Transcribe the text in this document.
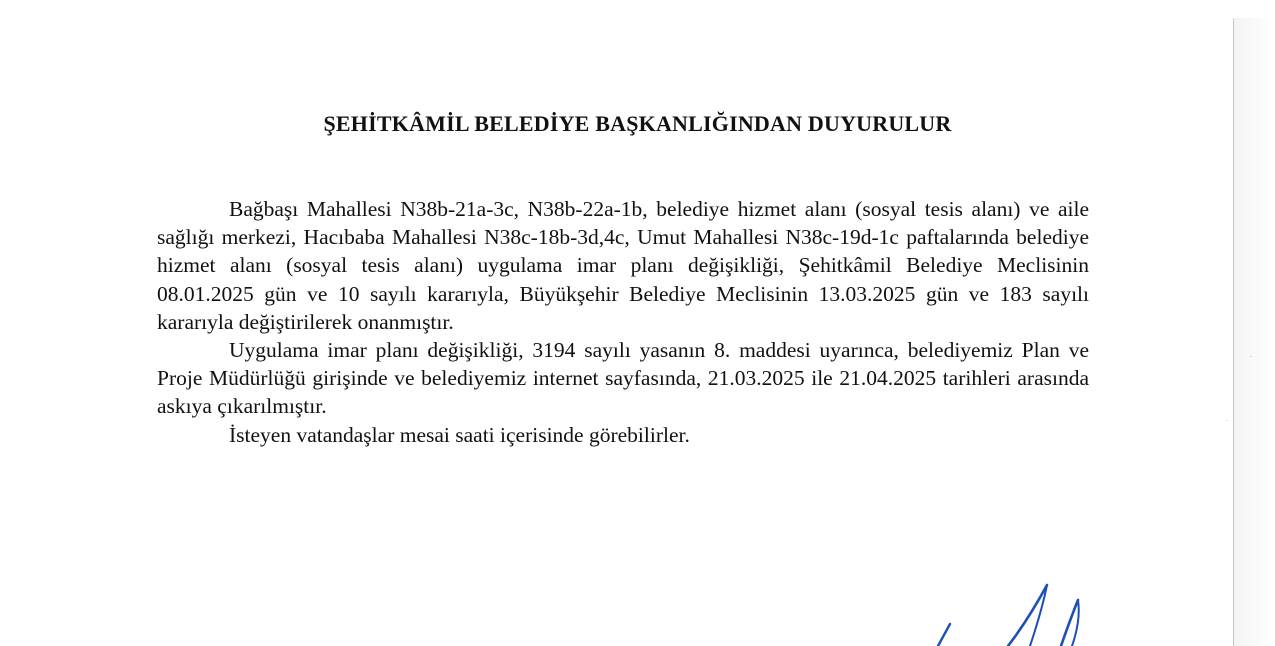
ŞEHİTKÂMİL BELEDİYE BAŞKANLIĞINDAN DUYURULUR

Bağbaşı Mahallesi N38b-21a-3c, N38b-22a-1b, belediye hizmet alanı (sosyal tesis alanı) ve aile sağlığı merkezi, Hacıbaba Mahallesi N38c-18b-3d,4c, Umut Mahallesi N38c-19d-1c paftalarında belediye hizmet alanı (sosyal tesis alanı) uygulama imar planı değişikliği, Şehitkâmil Belediye Meclisinin 08.01.2025 gün ve 10 sayılı kararıyla, Büyükşehir Belediye Meclisinin 13.03.2025 gün ve 183 sayılı kararıyla değiştirilerek onanmıştır.

Uygulama imar planı değişikliği, 3194 sayılı yasanın 8. maddesi uyarınca, belediyemiz Plan ve Proje Müdürlüğü girişinde ve belediyemiz internet sayfasında, 21.03.2025 ile 21.04.2025 tarihleri arasında askıya çıkarılmıştır.

İsteyen vatandaşlar mesai saati içerisinde görebilirler.
